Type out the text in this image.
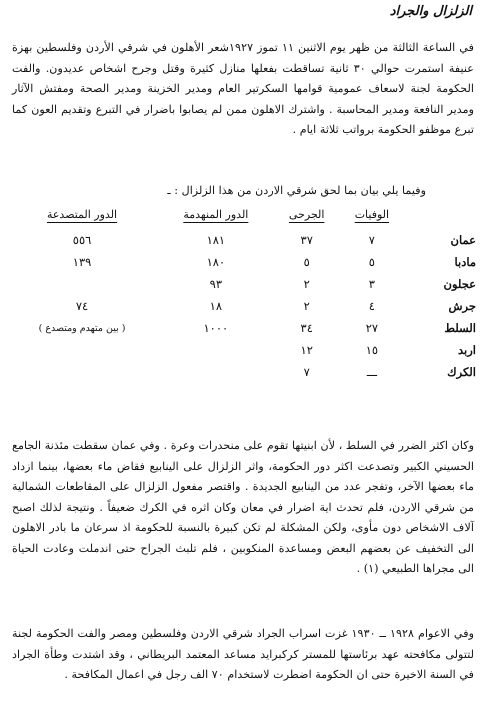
الزلزال والجراد
في الساعة الثالثة من ظهر يوم الاثنين ١١ تموز ١٩٢٧شعر الأهلون في شرقي الأردن وفلسطين بهزة عنيفة استمرت حوالي ٣٠ ثانية تساقطت بفعلها منازل كثيرة وقتل وجرح اشخاص عديدون. والفت الحكومة لجنة لاسعاف عمومية قوامها السكرتير العام ومدير الخزينة ومدير الصحة ومفتش الآثار ومدير النافعة ومدير المحاسبة . واشترك الاهلون ممن لم يصابوا باضرار في التبرع وتقديم العون كما تبرع موظفو الحكومة برواتب ثلاثة ايام .
وفيما يلي بيان بما لحق شرقي الاردن من هذا الزلزال : ـ
	الوفيات	الجرحى	الدور المنهدمة	الدور المتصدعة
عمان	٧	٣٧	١٨١	٥٥٦
مادبا	٥	٥	١٨٠	١٣٩
عجلون	٣	٢	٩٣	
جرش	٤	٢	١٨	٧٤
السلط	٢٧	٣٤	١٠٠٠	( بين متهدم ومتصدع )
اربد	١٥	١٢		
الكرك	ـــ	٧		
وكان اكثر الضرر في السلط ، لأن ابنيتها تقوم على منحدرات وعرة . وفي عمان سقطت مئذنة الجامع الحسيني الكبير وتصدعت اكثر دور الحكومة، واثر الزلزال على الينابيع فقاض ماء بعضها، بينما ازداد ماء بعضها الآخر، وتفجر عدد من الينابيع الجديدة . واقتصر مفعول الزلزال على المقاطعات الشمالية من شرقي الاردن، فلم تحدث اية اضرار في معان وكان اثره في الكرك ضعيفاً . ونتيجة لذلك اصبح آلاف الاشخاص دون مأوى، ولكن المشكلة لم تكن كبيرة بالنسبة للحكومة اذ سرعان ما بادر الاهلون الى التخفيف عن بعضهم البعض ومساعدة المنكوبين ، فلم تلبث الجراح حتى اندملت وعادت الحياة الى مجراها الطبيعي (١) .
وفي الاعوام ١٩٢٨ ــ ١٩٣٠ غزت اسراب الجراد شرقي الاردن وفلسطين ومصر والفت الحكومة لجنة لتتولى مكافحته عهد برئاستها للمستر كركبرايد مساعد المعتمد البريطاني ، وقد اشتدت وطأة الجراد في السنة الاخيرة حتى ان الحكومة اضطرت لاستخدام ٧٠ الف رجل في اعمال المكافحة .
